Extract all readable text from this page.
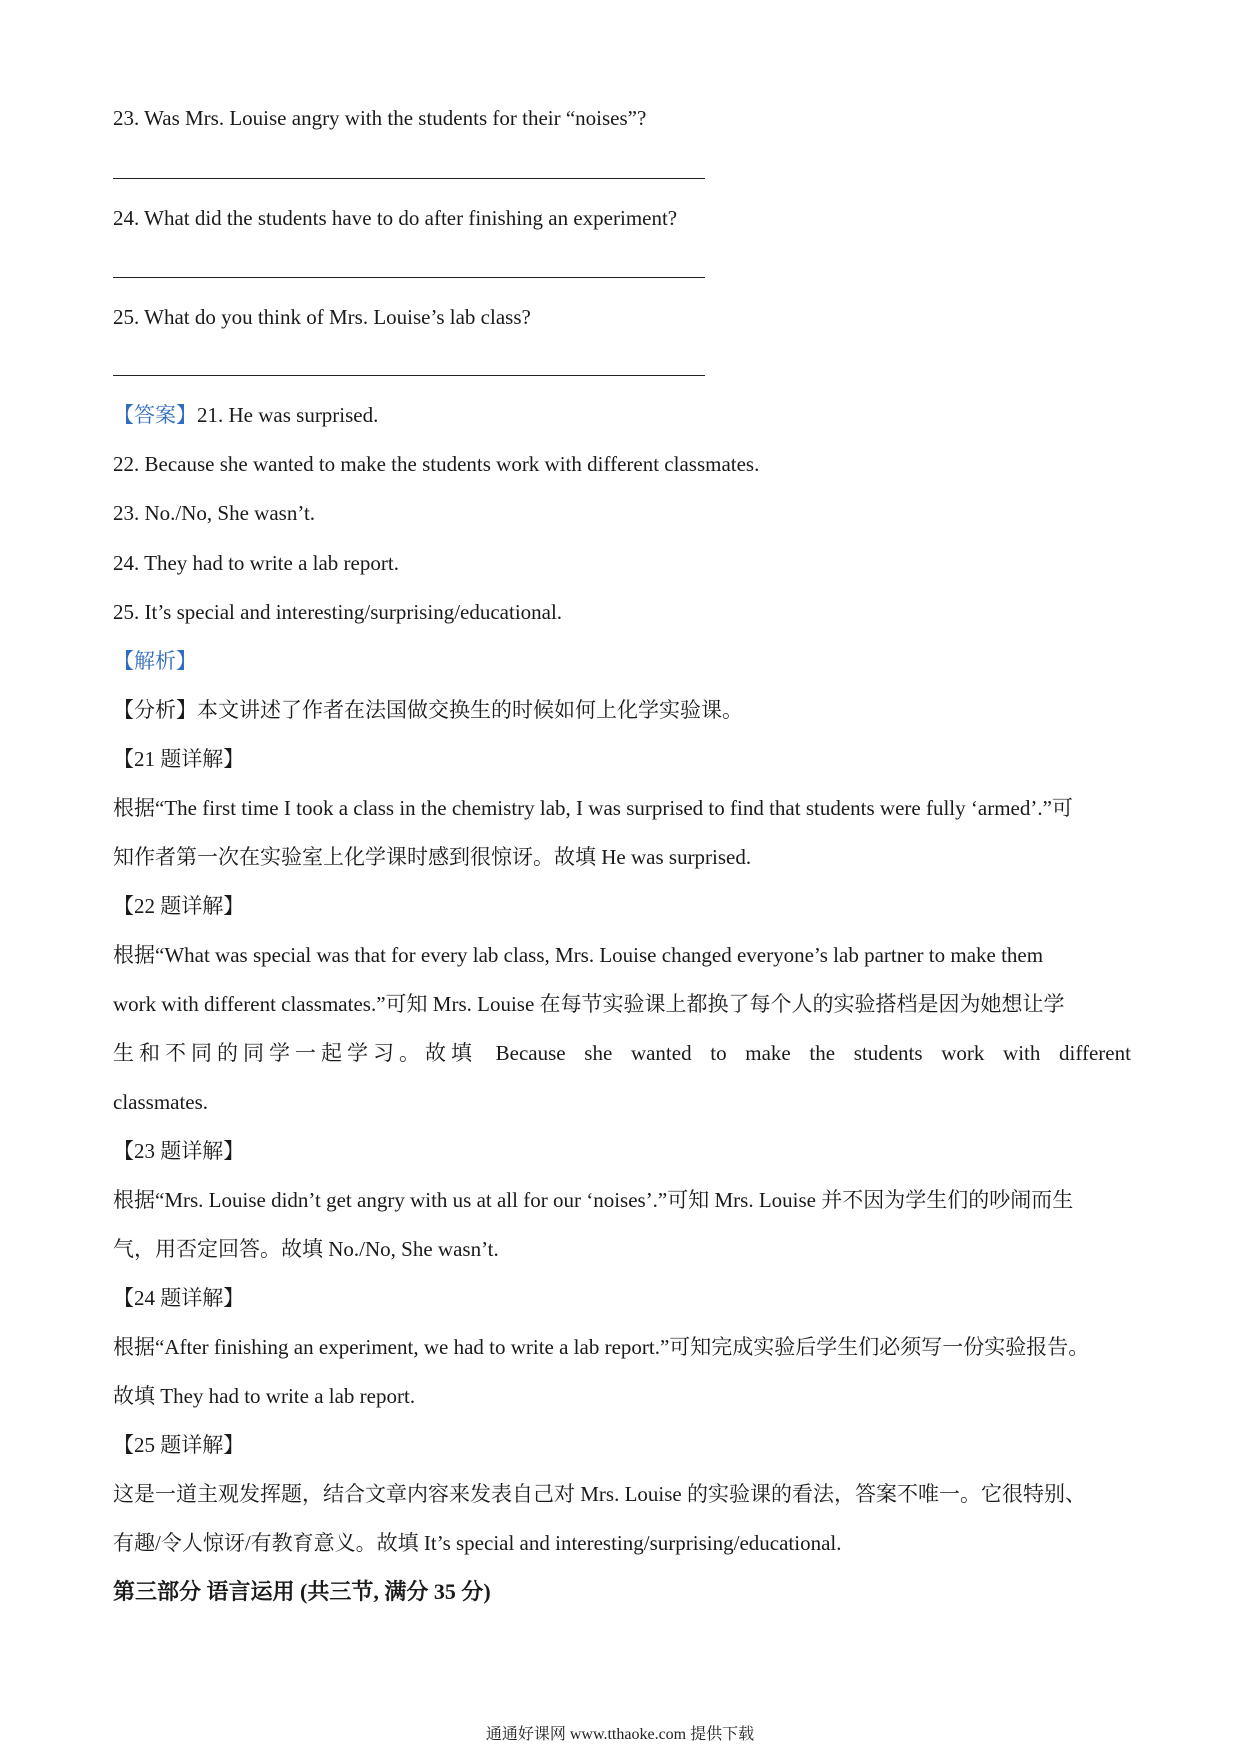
23. Was Mrs. Louise angry with the students for their “noises”?
24. What did the students have to do after finishing an experiment?
25. What do you think of Mrs. Louise’s lab class?
【答案】21. He was surprised.
22. Because she wanted to make the students work with different classmates.
23. No./No, She wasn’t.
24. They had to write a lab report.
25. It’s special and interesting/surprising/educational.
【解析】
【分析】本文讲述了作者在法国做交换生的时候如何上化学实验课。
【21 题详解】
根据“The first time I took a class in the chemistry lab, I was surprised to find that students were fully ‘armed’.”可
知作者第一次在实验室上化学课时感到很惊讶。故填 He was surprised.
【22 题详解】
根据“What was special was that for every lab class, Mrs. Louise changed everyone’s lab partner to make them
work with different classmates.”可知 Mrs. Louise 在每节实验课上都换了每个人的实验搭档是因为她想让学
生和不同的同学一起学习。故填 Because she wanted to make the students work with different
classmates.
【23 题详解】
根据“Mrs. Louise didn’t get angry with us at all for our ‘noises’.”可知 Mrs. Louise 并不因为学生们的吵闹而生
气，用否定回答。故填 No./No, She wasn’t.
【24 题详解】
根据“After finishing an experiment, we had to write a lab report.”可知完成实验后学生们必须写一份实验报告。
故填 They had to write a lab report.
【25 题详解】
这是一道主观发挥题，结合文章内容来发表自己对 Mrs. Louise 的实验课的看法，答案不唯一。它很特别、
有趣/令人惊讶/有教育意义。故填 It’s special and interesting/surprising/educational.
第三部分 语言运用 (共三节, 满分 35 分)
通通好课网 www.tthaoke.com 提供下载
